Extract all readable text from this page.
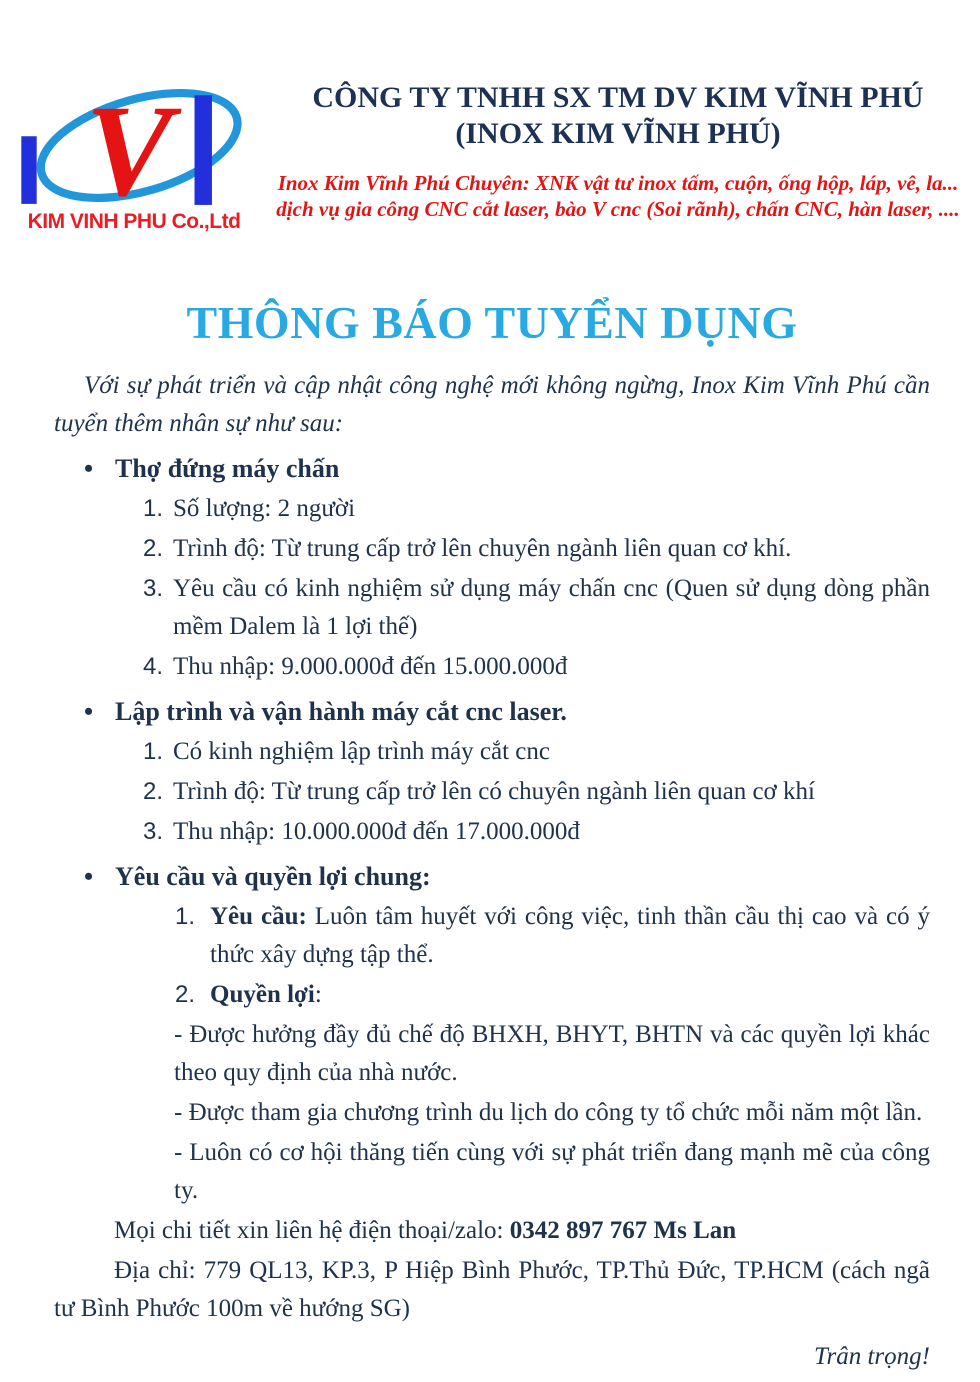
V
KIM VINH PHU Co.,Ltd
CÔNG TY TNHH SX TM DV KIM VĨNH PHÚ
(INOX KIM VĨNH PHÚ)
Inox Kim Vĩnh Phú Chuyên: XNK vật tư inox tấm, cuộn, ống hộp, láp, vê, la... dịch vụ gia công CNC cắt laser, bào V cnc (Soi rãnh), chấn CNC, hàn laser, ....
THÔNG BÁO TUYỂN DỤNG

Với sự phát triển và cập nhật công nghệ mới không ngừng, Inox Kim Vĩnh Phú cần tuyển thêm nhân sự như sau:

•
Thợ đứng máy chấn
1. Số lượng: 2 người
2. Trình độ: Từ trung cấp trở lên chuyên ngành liên quan cơ khí.
3. Yêu cầu có kinh nghiệm sử dụng máy chấn cnc (Quen sử dụng dòng phần mềm Dalem là 1 lợi thế)
4. Thu nhập: 9.000.000đ đến 15.000.000đ
•
Lập trình và vận hành máy cắt cnc laser.
1. Có kinh nghiệm lập trình máy cắt cnc
2. Trình độ: Từ trung cấp trở lên có chuyên ngành liên quan cơ khí
3. Thu nhập: 10.000.000đ đến 17.000.000đ
•
Yêu cầu và quyền lợi chung:
1. Yêu cầu: Luôn tâm huyết với công việc, tinh thần cầu thị cao và có ý thức xây dựng tập thể.
2. Quyền lợi:

- Được hưởng đầy đủ chế độ BHXH, BHYT, BHTN và các quyền lợi khác theo quy định của nhà nước.

- Được tham gia chương trình du lịch do công ty tổ chức mỗi năm một lần.

- Luôn có cơ hội thăng tiến cùng với sự phát triển đang mạnh mẽ của công ty.

Mọi chi tiết xin liên hệ điện thoại/zalo: 0342 897 767 Ms Lan

Địa chỉ: 779 QL13, KP.3, P Hiệp Bình Phước, TP.Thủ Đức, TP.HCM (cách ngã tư Bình Phước 100m về hướng SG)

Trân trọng!
